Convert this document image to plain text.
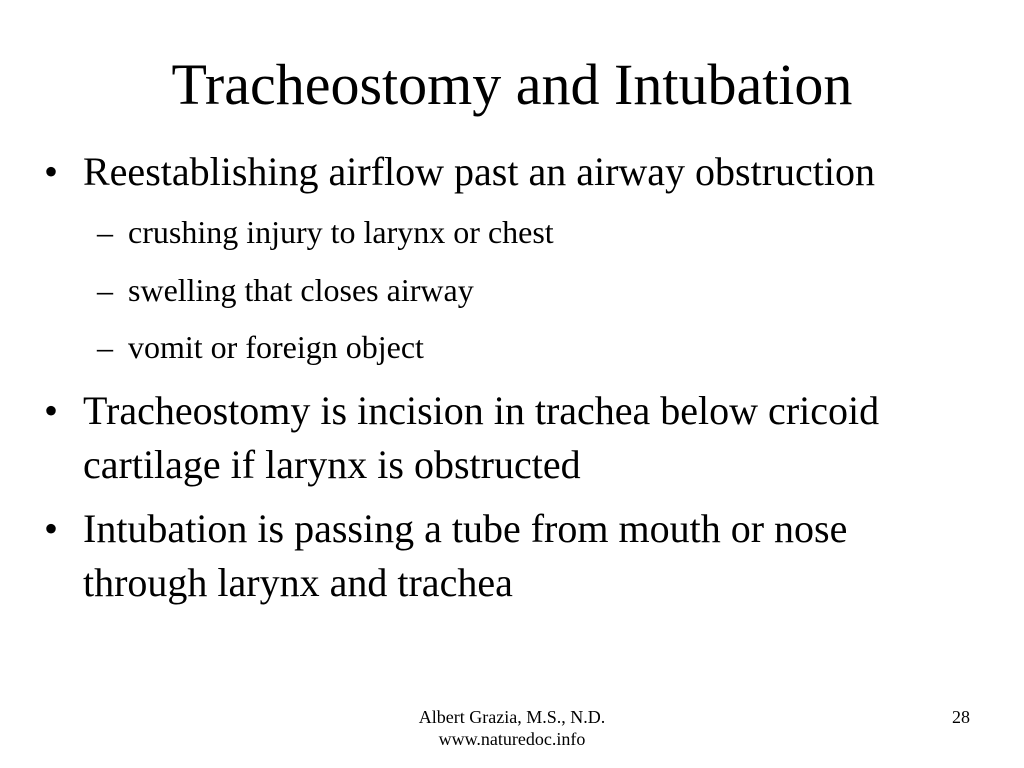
Tracheostomy and Intubation
• Reestablishing airflow past an airway obstruction
– crushing injury to larynx or chest
– swelling that closes airway
– vomit or foreign object
• Tracheostomy is incision in trachea below cricoid
cartilage if larynx is obstructed
• Intubation is passing a tube from mouth or nose
through larynx and trachea
Albert Grazia, M.S., N.D.
www.naturedoc.info
28
